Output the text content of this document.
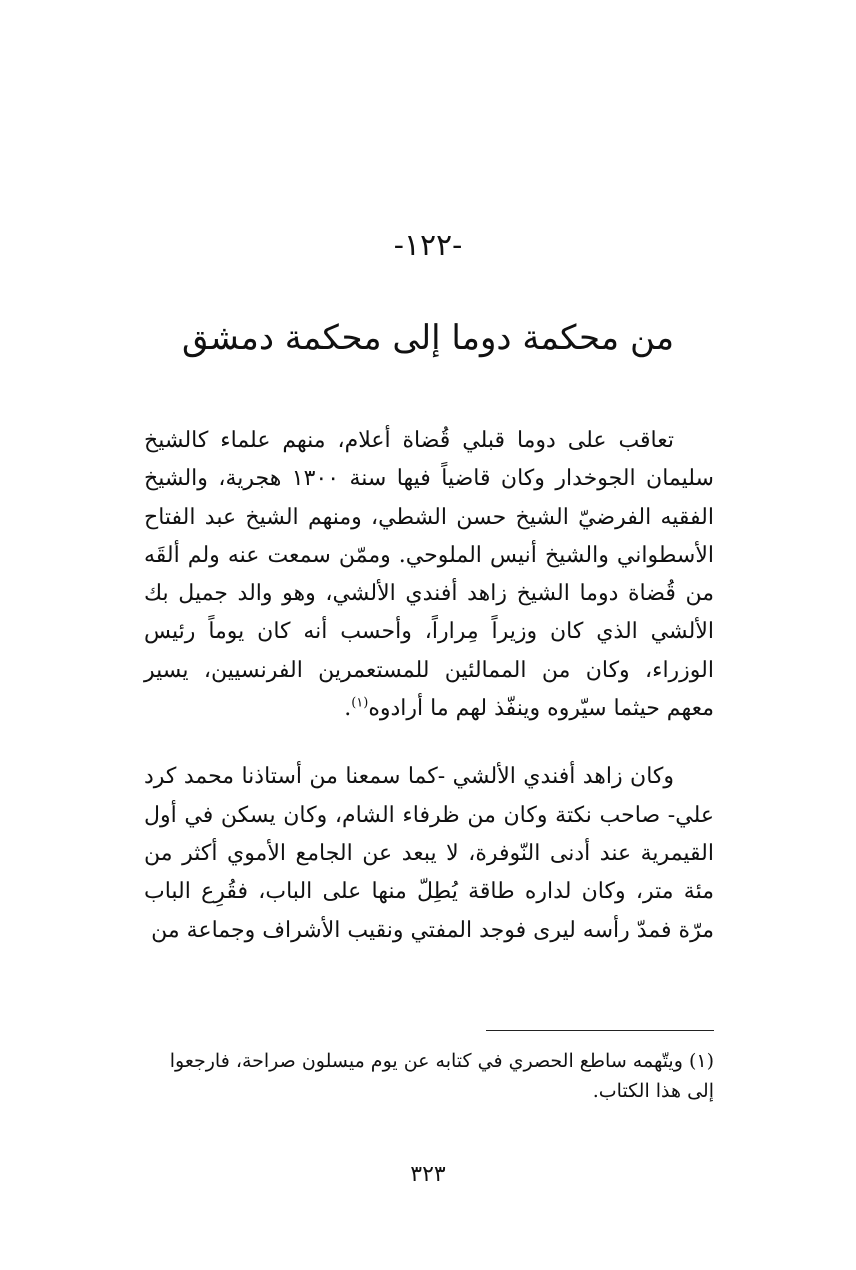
-١٢٢-
من محكمة دوما إلى محكمة دمشق

تعاقب على دوما قبلي قُضاة أعلام، منهم علماء كالشيخ سليمان الجوخدار وكان قاضياً فيها سنة ١٣٠٠ هجرية، والشيخ الفقيه الفرضيّ الشيخ حسن الشطي، ومنهم الشيخ عبد الفتاح الأسطواني والشيخ أنيس الملوحي. وممّن سمعت عنه ولم ألقَه من قُضاة دوما الشيخ زاهد أفندي الألشي، وهو والد جميل بك الألشي الذي كان وزيراً مِراراً، وأحسب أنه كان يوماً رئيس الوزراء، وكان من الممالئين للمستعمرين الفرنسيين، يسير معهم حيثما سيّروه وينفّذ لهم ما أرادوه$^{(١)}$.

وكان زاهد أفندي الألشي -كما سمعنا من أستاذنا محمد كرد علي- صاحب نكتة وكان من ظرفاء الشام، وكان يسكن في أول القيمرية عند أدنى النّوفرة، لا يبعد عن الجامع الأموي أكثر من مئة متر، وكان لداره طاقة يُطِلّ منها على الباب، فقُرِع الباب مرّة فمدّ رأسه ليرى فوجد المفتي ونقيب الأشراف وجماعة من

(١) ويتّهمه ساطع الحصري في كتابه عن يوم ميسلون صراحة، فارجعوا إلى هذا الكتاب.
٣٢٣
